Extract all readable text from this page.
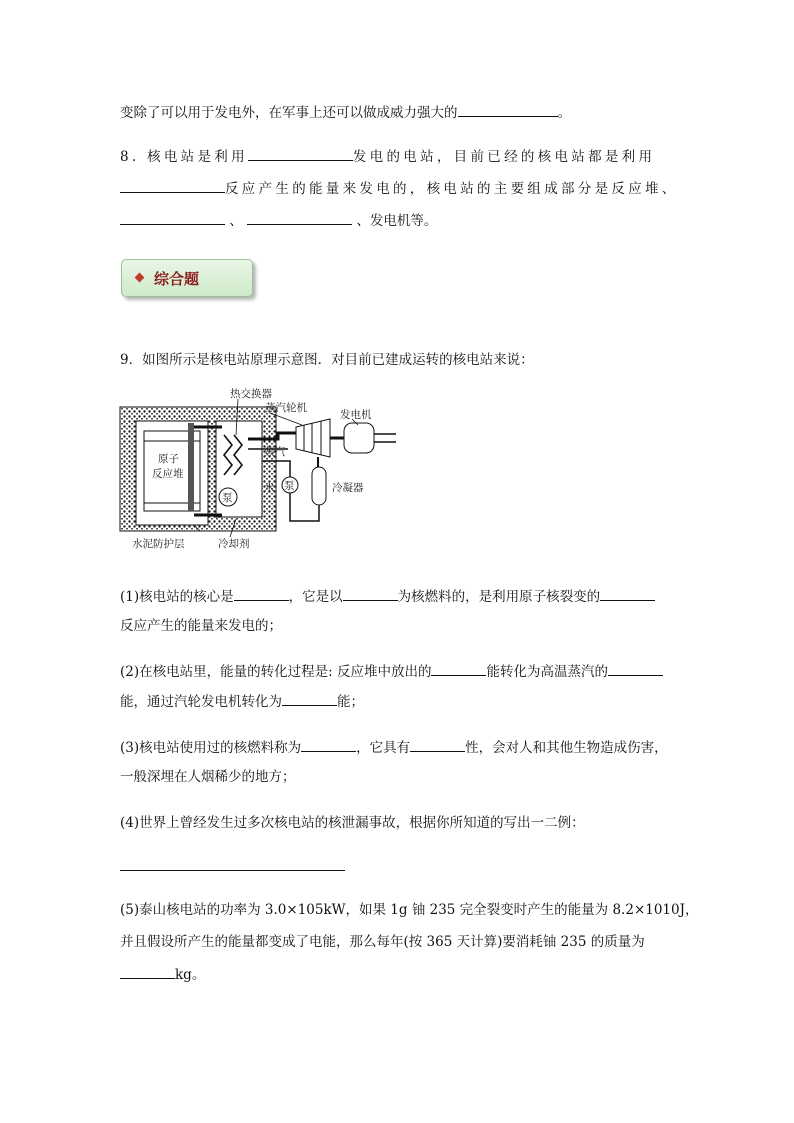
变除了可以用于发电外，在军事上还可以做成威力强大的	。
8. 核电站是利用	发电的电站，目前已经的核电站都是利用
反应产生的能量来发电的，核电站的主要组成部分是反应堆、
、	、发电机等。
综合题
9．如图所示是核电站原理示意图．对目前已建成运转的核电站来说：
热交换器
蒸汽轮机
发电机
蒸汽
原子
反应堆
泵
水 泵	冷凝器
水泥防护层	冷却剂
(1)核电站的核心是	，它是以	为核燃料的，是利用原子核裂变的
反应产生的能量来发电的；
(2)在核电站里，能量的转化过程是: 反应堆中放出的	能转化为高温蒸汽的
能，通过汽轮发电机转化为	能；
(3)核电站使用过的核燃料称为	，它具有	性，会对人和其他生物造成伤害，
一般深埋在人烟稀少的地方；
(4)世界上曾经发生过多次核电站的核泄漏事故，根据你所知道的写出一二例：
(5)泰山核电站的功率为 3.0×105kW，如果 1g 铀 235 完全裂变时产生的能量为 8.2×1010J，
并且假设所产生的能量都变成了电能，那么每年(按 365 天计算)要消耗铀 235 的质量为
kg。
